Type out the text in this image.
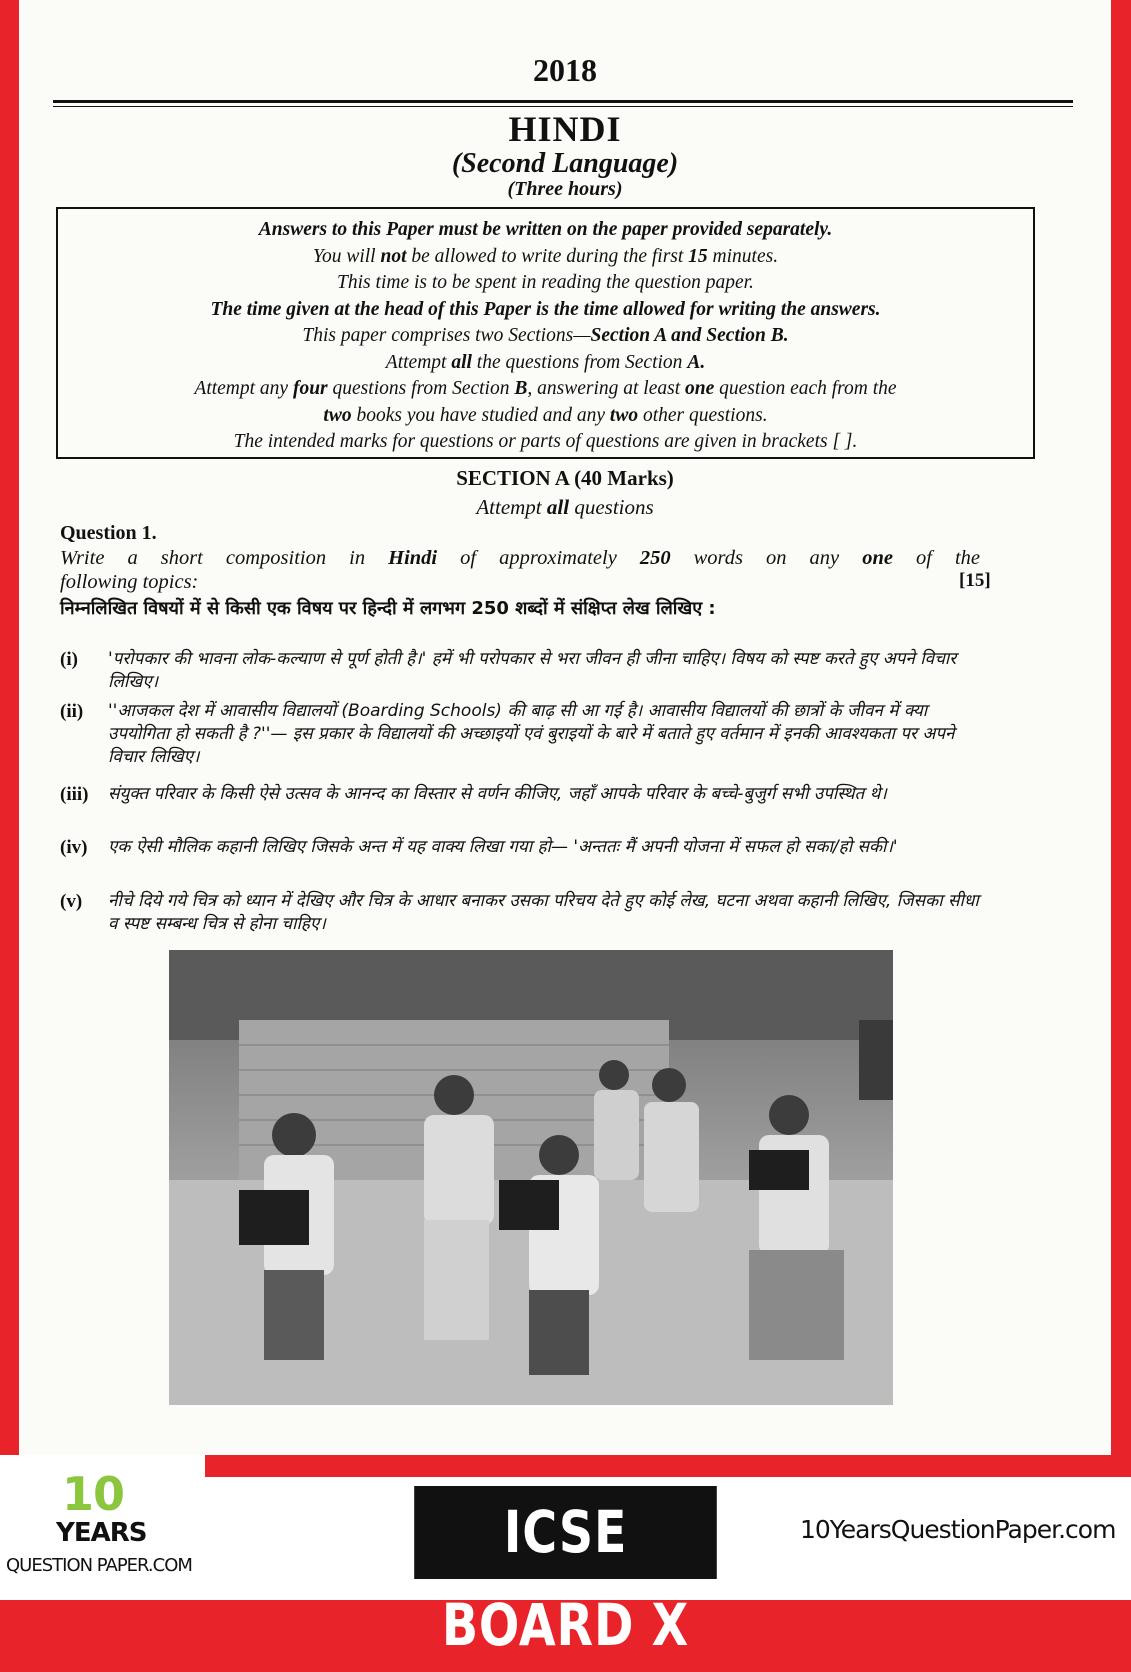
2018
HINDI
(Second Language)
(Three hours)
Answers to this Paper must be written on the paper provided separately.
You will not be allowed to write during the first 15 minutes.
This time is to be spent in reading the question paper.
The time given at the head of this Paper is the time allowed for writing the answers.
This paper comprises two Sections—Section A and Section B.
Attempt all the questions from Section A.
Attempt any four questions from Section B, answering at least one question each from the
two books you have studied and any two other questions.
The intended marks for questions or parts of questions are given in brackets [ ].
SECTION A (40 Marks)
Attempt all questions
Question 1.
Write a short composition in Hindi of approximately 250 words on any one of the
following topics:	[15]
निम्नलिखित विषयों में से किसी एक विषय पर हिन्दी में लगभग 250 शब्दों में संक्षिप्त लेख लिखिए :
(i) 'परोपकार की भावना लोक-कल्याण से पूर्ण होती है।' हमें भी परोपकार से भरा जीवन ही जीना चाहिए। विषय को स्पष्ट करते हुए अपने विचार लिखिए।
(ii) ''आजकल देश में आवासीय विद्यालयों (Boarding Schools) की बाढ़ सी आ गई है। आवासीय विद्यालयों की छात्रों के जीवन में क्या उपयोगिता हो सकती है ?''— इस प्रकार के विद्यालयों की अच्छाइयों एवं बुराइयों के बारे में बताते हुए वर्तमान में इनकी आवश्यकता पर अपने विचार लिखिए।
(iii) संयुक्त परिवार के किसी ऐसे उत्सव के आनन्द का विस्तार से वर्णन कीजिए, जहाँ आपके परिवार के बच्चे-बुजुर्ग सभी उपस्थित थे।
(iv) एक ऐसी मौलिक कहानी लिखिए जिसके अन्त में यह वाक्य लिखा गया हो— 'अन्ततः मैं अपनी योजना में सफल हो सका/हो सकी।'
(v) नीचे दिये गये चित्र को ध्यान में देखिए और चित्र के आधार बनाकर उसका परिचय देते हुए कोई लेख, घटना अथवा कहानी लिखिए, जिसका सीधा व स्पष्ट सम्बन्ध चित्र से होना चाहिए।
10
YEARS
QUESTION PAPER.COM	ICSE BOARD X
10YearsQuestionPaper.com
